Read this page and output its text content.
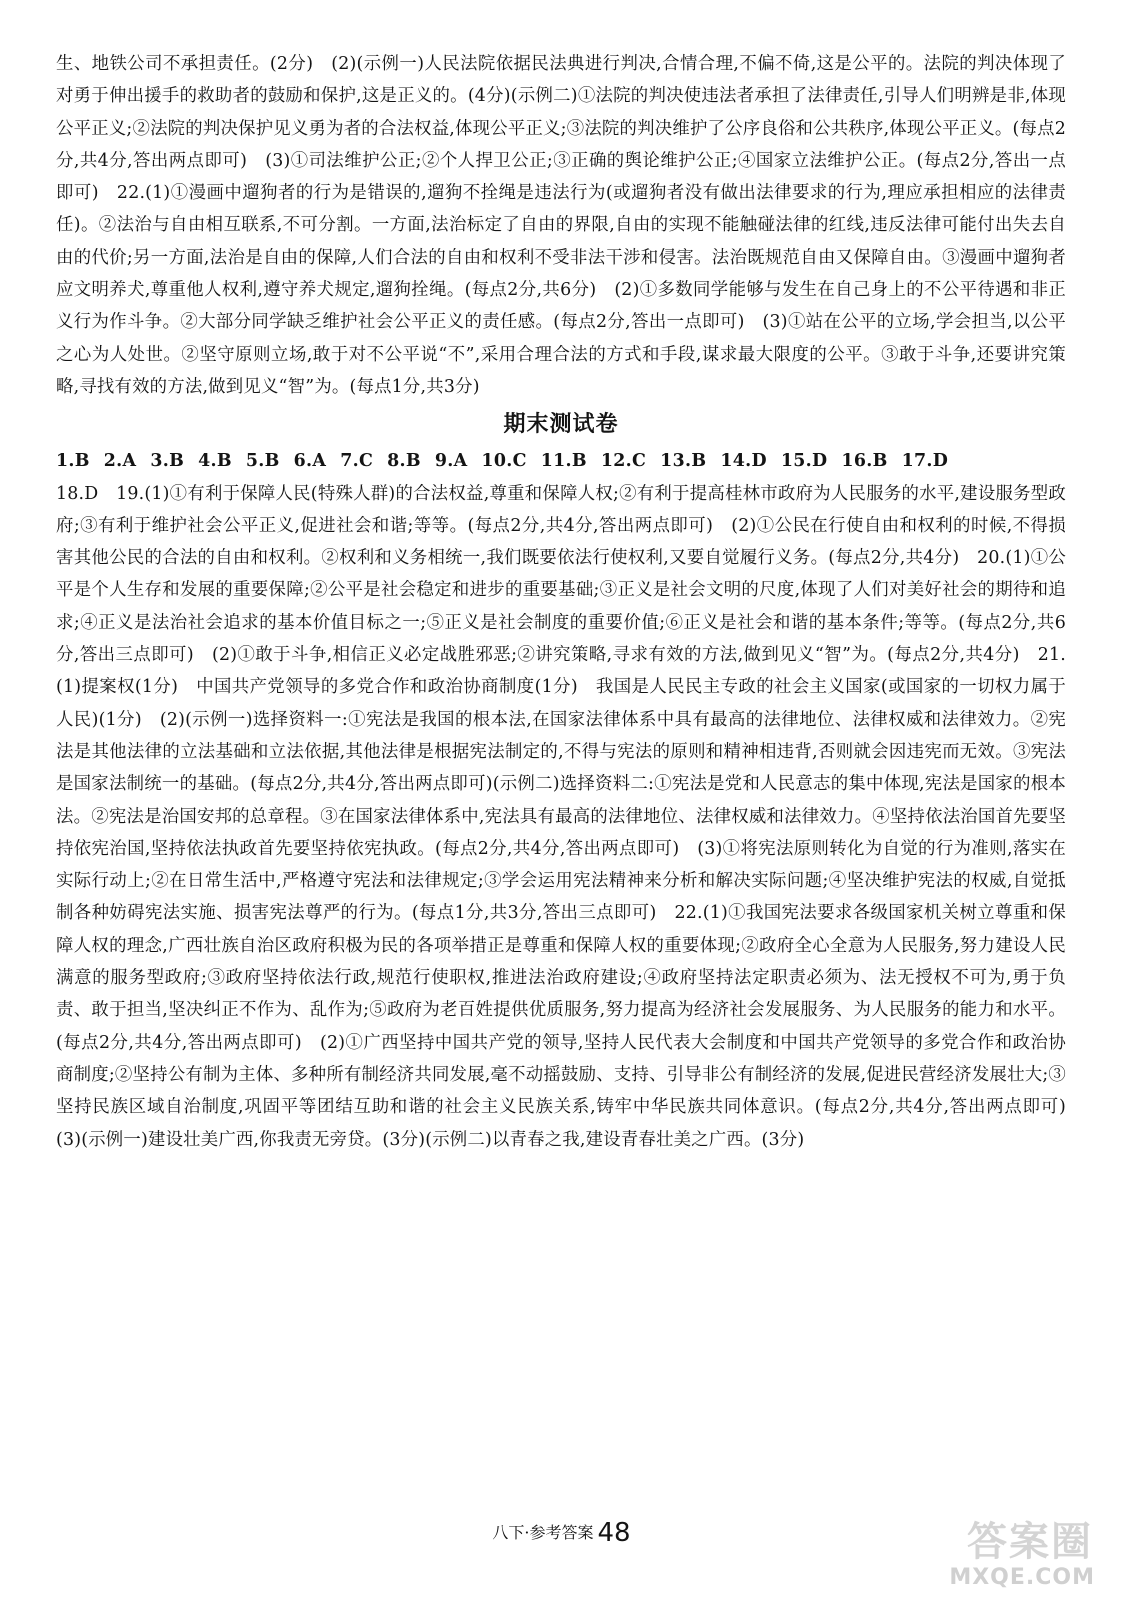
生、地铁公司不承担责任。(2分)　(2)(示例一)人民法院依据民法典进行判决,合情合理,不偏不倚,这是公平的。法院的判决体现了对勇于伸出援手的救助者的鼓励和保护,这是正义的。(4分)(示例二)①法院的判决使违法者承担了法律责任,引导人们明辨是非,体现公平正义;②法院的判决保护见义勇为者的合法权益,体现公平正义;③法院的判决维护了公序良俗和公共秩序,体现公平正义。(每点2分,共4分,答出两点即可)　(3)①司法维护公正;②个人捍卫公正;③正确的舆论维护公正;④国家立法维护公正。(每点2分,答出一点即可)　22.(1)①漫画中遛狗者的行为是错误的,遛狗不拴绳是违法行为(或遛狗者没有做出法律要求的行为,理应承担相应的法律责任)。②法治与自由相互联系,不可分割。一方面,法治标定了自由的界限,自由的实现不能触碰法律的红线,违反法律可能付出失去自由的代价;另一方面,法治是自由的保障,人们合法的自由和权利不受非法干涉和侵害。法治既规范自由又保障自由。③漫画中遛狗者应文明养犬,尊重他人权利,遵守养犬规定,遛狗拴绳。(每点2分,共6分)　(2)①多数同学能够与发生在自己身上的不公平待遇和非正义行为作斗争。②大部分同学缺乏维护社会公平正义的责任感。(每点2分,答出一点即可)　(3)①站在公平的立场,学会担当,以公平之心为人处世。②坚守原则立场,敢于对不公平说“不”,采用合理合法的方式和手段,谋求最大限度的公平。③敢于斗争,还要讲究策略,寻找有效的方法,做到见义“智”为。(每点1分,共3分)

期末测试卷
1.B 2.A 3.B 4.B 5.B 6.A 7.C 8.B 9.A 10.C 11.B 12.C 13.B 14.D 15.D 16.B 17.D

18.D　19.(1)①有利于保障人民(特殊人群)的合法权益,尊重和保障人权;②有利于提高桂林市政府为人民服务的水平,建设服务型政府;③有利于维护社会公平正义,促进社会和谐;等等。(每点2分,共4分,答出两点即可)　(2)①公民在行使自由和权利的时候,不得损害其他公民的合法的自由和权利。②权利和义务相统一,我们既要依法行使权利,又要自觉履行义务。(每点2分,共4分)　20.(1)①公平是个人生存和发展的重要保障;②公平是社会稳定和进步的重要基础;③正义是社会文明的尺度,体现了人们对美好社会的期待和追求;④正义是法治社会追求的基本价值目标之一;⑤正义是社会制度的重要价值;⑥正义是社会和谐的基本条件;等等。(每点2分,共6分,答出三点即可)　(2)①敢于斗争,相信正义必定战胜邪恶;②讲究策略,寻求有效的方法,做到见义“智”为。(每点2分,共4分)　21.(1)提案权(1分)　中国共产党领导的多党合作和政治协商制度(1分)　我国是人民民主专政的社会主义国家(或国家的一切权力属于人民)(1分)　(2)(示例一)选择资料一:①宪法是我国的根本法,在国家法律体系中具有最高的法律地位、法律权威和法律效力。②宪法是其他法律的立法基础和立法依据,其他法律是根据宪法制定的,不得与宪法的原则和精神相违背,否则就会因违宪而无效。③宪法是国家法制统一的基础。(每点2分,共4分,答出两点即可)(示例二)选择资料二:①宪法是党和人民意志的集中体现,宪法是国家的根本法。②宪法是治国安邦的总章程。③在国家法律体系中,宪法具有最高的法律地位、法律权威和法律效力。④坚持依法治国首先要坚持依宪治国,坚持依法执政首先要坚持依宪执政。(每点2分,共4分,答出两点即可)　(3)①将宪法原则转化为自觉的行为准则,落实在实际行动上;②在日常生活中,严格遵守宪法和法律规定;③学会运用宪法精神来分析和解决实际问题;④坚决维护宪法的权威,自觉抵制各种妨碍宪法实施、损害宪法尊严的行为。(每点1分,共3分,答出三点即可)　22.(1)①我国宪法要求各级国家机关树立尊重和保障人权的理念,广西壮族自治区政府积极为民的各项举措正是尊重和保障人权的重要体现;②政府全心全意为人民服务,努力建设人民满意的服务型政府;③政府坚持依法行政,规范行使职权,推进法治政府建设;④政府坚持法定职责必须为、法无授权不可为,勇于负责、敢于担当,坚决纠正不作为、乱作为;⑤政府为老百姓提供优质服务,努力提高为经济社会发展服务、为人民服务的能力和水平。(每点2分,共4分,答出两点即可)　(2)①广西坚持中国共产党的领导,坚持人民代表大会制度和中国共产党领导的多党合作和政治协商制度;②坚持公有制为主体、多种所有制经济共同发展,毫不动摇鼓励、支持、引导非公有制经济的发展,促进民营经济发展壮大;③坚持民族区域自治制度,巩固平等团结互助和谐的社会主义民族关系,铸牢中华民族共同体意识。(每点2分,共4分,答出两点即可)　(3)(示例一)建设壮美广西,你我责无旁贷。(3分)(示例二)以青春之我,建设青春壮美之广西。(3分)

八下·参考答案 48	答案圈
MXQE.COM
